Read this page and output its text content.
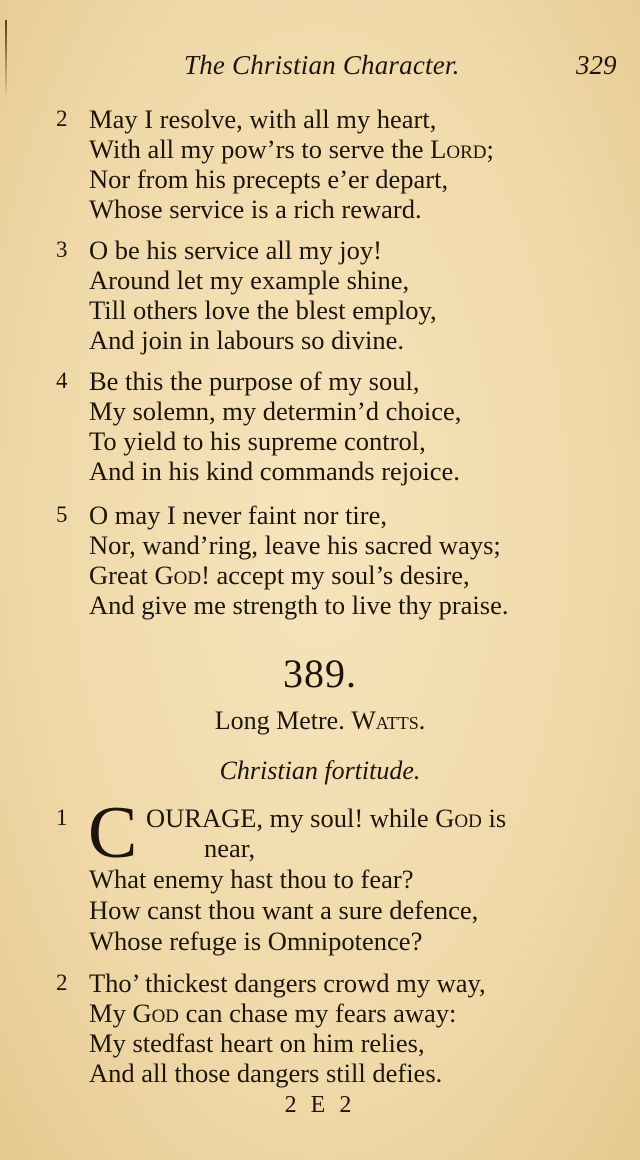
The Christian Character.	329
2 May I resolve, with all my heart,
With all my pow’rs to serve the Lord;
Nor from his precepts e’er depart,
Whose service is a rich reward.
3 O be his service all my joy!
Around let my example shine,
Till others love the blest employ,
And join in labours so divine.
4 Be this the purpose of my soul,
My solemn, my determin’d choice,
To yield to his supreme control,
And in his kind commands rejoice.
5 O may I never faint nor tire,
Nor, wand’ring, leave his sacred ways;
Great God! accept my soul’s desire,
And give me strength to live thy praise.
389.
Long Metre. Watts.
Christian fortitude.
1 C OURAGE, my soul! while God is
near,
What enemy hast thou to fear?
How canst thou want a sure defence,
Whose refuge is Omnipotence?
2 Tho’ thickest dangers crowd my way,
My God can chase my fears away:
My stedfast heart on him relies,
And all those dangers still defies.
2 E 2
